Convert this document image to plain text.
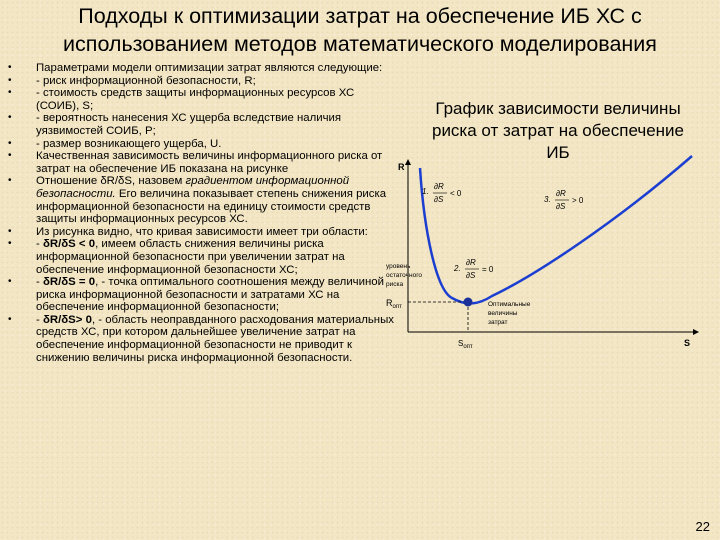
Подходы к оптимизации затрат на обеспечение ИБ ХС с
использованием методов математического моделирования
• Параметрами модели оптимизации затрат являются следующие:
• - риск информационной безопасности, R;
• - стоимость средств защиты информационных ресурсов ХС (СОИБ), S;
• - вероятность нанесения ХС ущерба вследствие наличия уязвимостей СОИБ, P;
• - размер возникающего ущерба, U.
• Качественная зависимость величины информационного риска от затрат на обеспечение ИБ показана на рисунке
• Отношение δR/δS, назовем градиентом информационной безопасности. Его величина показывает степень снижения риска информационной безопасности на единицу стоимости средств защиты информационных ресурсов ХС.
• Из рисунка видно, что кривая зависимости имеет три области:
• - δR/δS < 0, имеем область снижения величины риска информационной безопасности при увеличении затрат на обеспечение информационной безопасности ХС;
• - δR/δS = 0, - точка оптимального соотношения между величиной риска информационной безопасности и затратами ХС на обеспечение информационной безопасности;
• - δR/δS> 0, - область неоправданного расходования материальных средств ХС, при котором дальнейшее увеличение затрат на обеспечение информационной безопасности не приводит к снижению величины риска информационной безопасности.
График зависимости величины
риска от затрат на обеспечение
ИБ
R
S
$R_{опт}$
$S_{опт}$
уровень остаточного риска
Оптимальные величины затрат
1.
∂R
∂S
< 0
2.
∂R
∂S
= 0
3.
∂R
∂S
> 0
22
